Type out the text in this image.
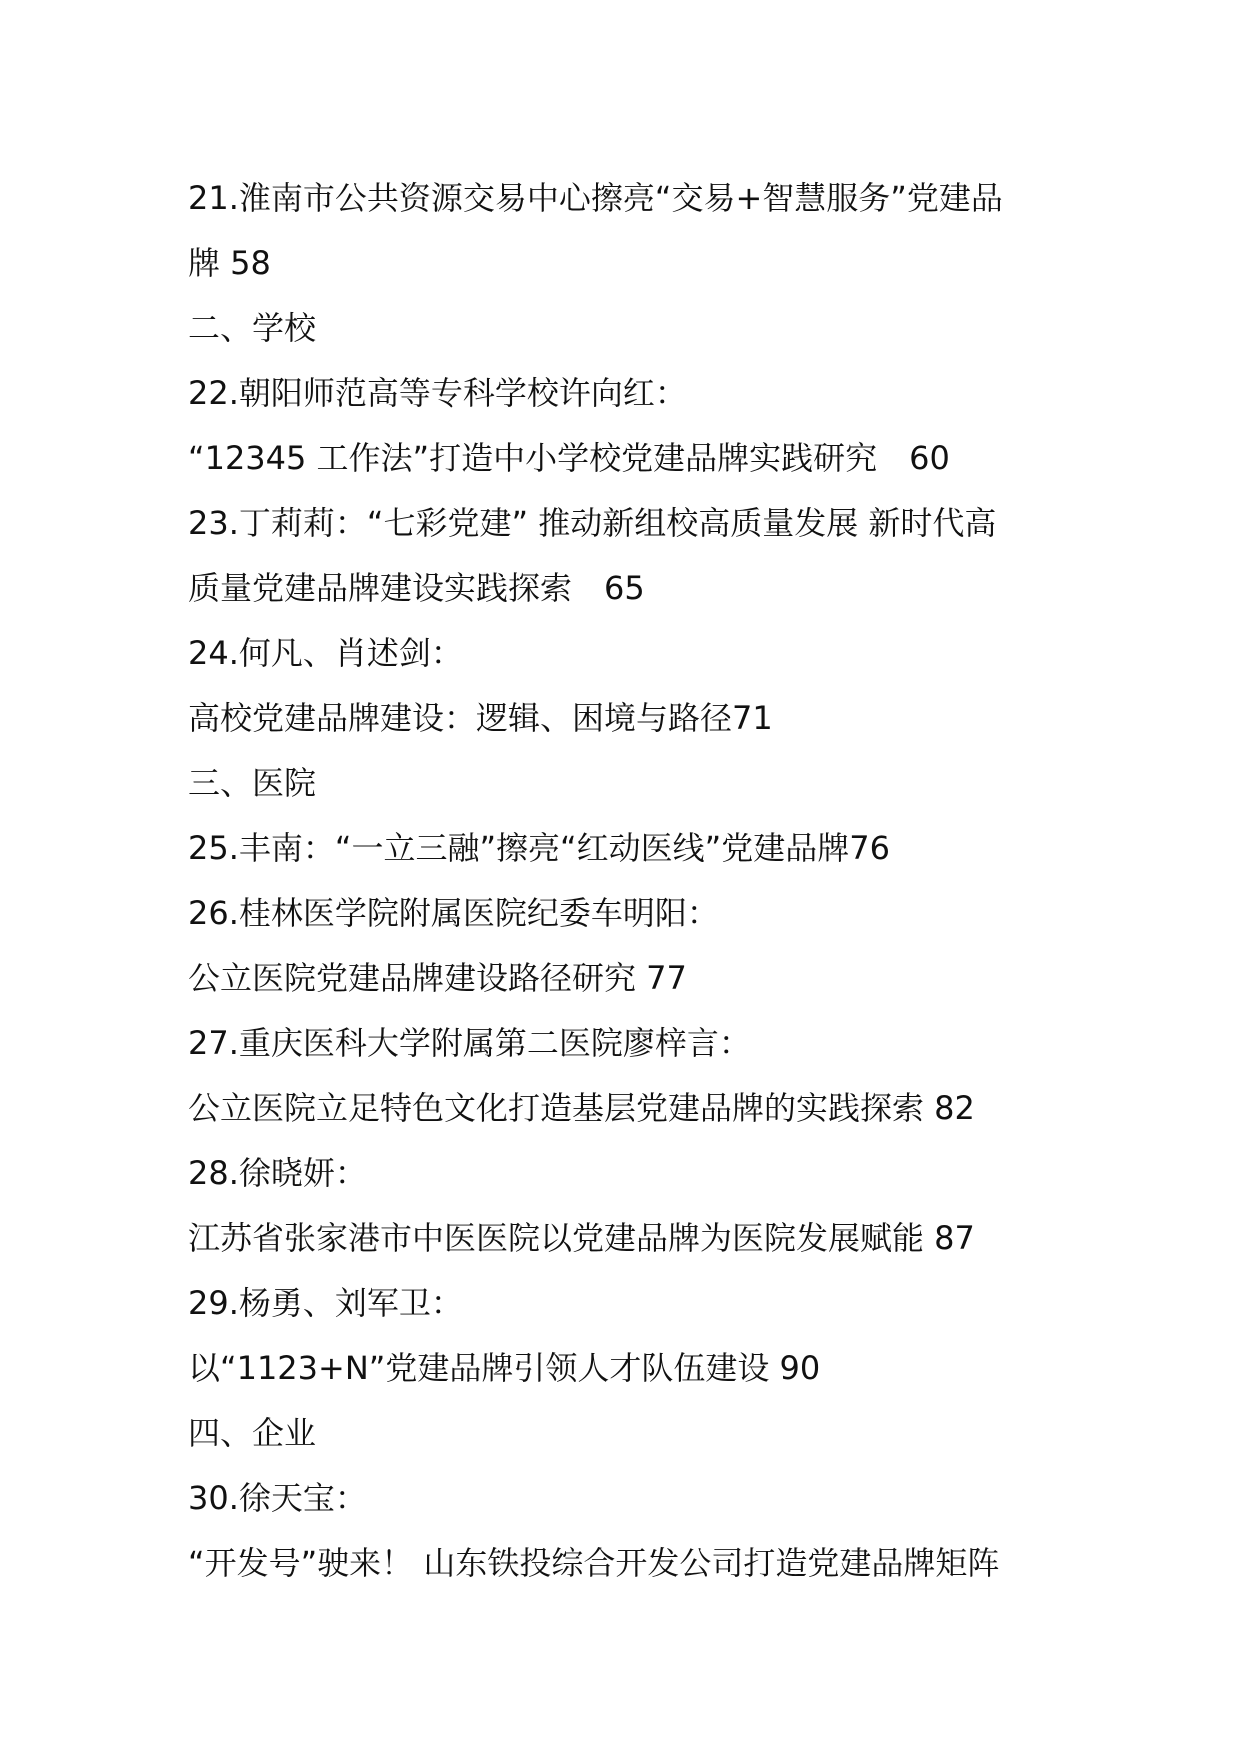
21.淮南市公共资源交易中心擦亮“交易+智慧服务”党建品
牌 58
二、学校
22.朝阳师范高等专科学校许向红：
“12345 工作法”打造中小学校党建品牌实践研究　60
23.丁莉莉：“七彩党建” 推动新组校高质量发展 新时代高
质量党建品牌建设实践探索　65
24.何凡、肖述剑：
高校党建品牌建设：逻辑、困境与路径71
三、医院
25.丰南：“一立三融”擦亮“红动医线”党建品牌76
26.桂林医学院附属医院纪委车明阳：
公立医院党建品牌建设路径研究 77
27.重庆医科大学附属第二医院廖梓言：
公立医院立足特色文化打造基层党建品牌的实践探索 82
28.徐晓妍：
江苏省张家港市中医医院以党建品牌为医院发展赋能 87
29.杨勇、刘军卫：
以“1123+N”党建品牌引领人才队伍建设 90
四、企业
30.徐天宝：
“开发号”驶来！ 山东铁投综合开发公司打造党建品牌矩阵
